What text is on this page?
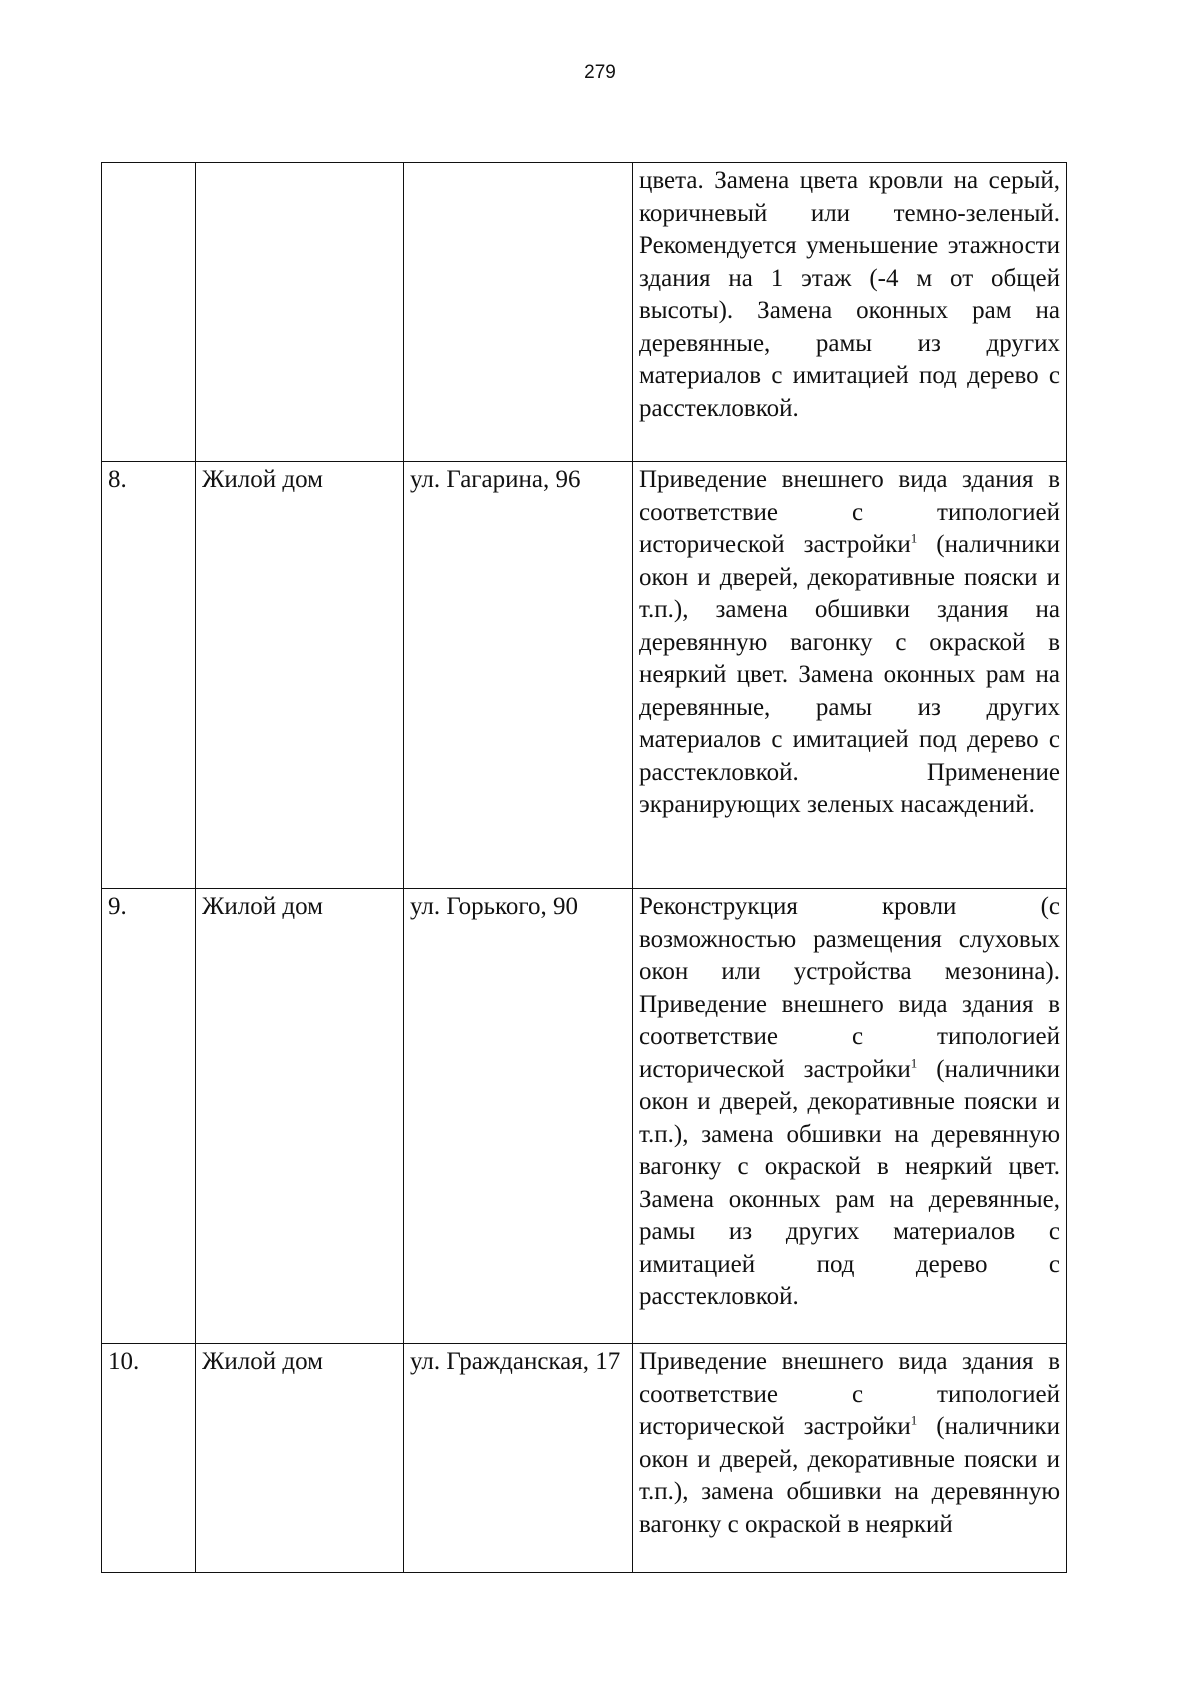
279

			цвета. Замена цвета кровли на серый, коричневый или темно-зеленый. Рекомендуется уменьшение этажности здания на 1 этаж (-4 м от общей высоты). Замена оконных рам на деревянные, рамы из других материалов с имитацией под дерево с расстекловкой.

8.	Жилой дом	ул. Гагарина, 96	Приведение внешнего вида здания в соответствие с типологией исторической застройки$^1$ (наличники окон и дверей, декоративные пояски и т.п.), замена обшивки здания на деревянную вагонку с окраской в неяркий цвет. Замена оконных рам на деревянные, рамы из других материалов с имитацией под дерево с расстекловкой. Применение экранирующих зеленых насаждений.

9.	Жилой дом	ул. Горького, 90	Реконструкция кровли (с возможностью размещения слуховых окон или устройства мезонина). Приведение внешнего вида здания в соответствие с типологией исторической застройки$^1$ (наличники окон и дверей, декоративные пояски и т.п.), замена обшивки на деревянную вагонку с окраской в неяркий цвет. Замена оконных рам на деревянные, рамы из других материалов с имитацией под дерево с расстекловкой.

10.	Жилой дом	ул. Гражданская, 17	Приведение внешнего вида здания в соответствие с типологией исторической застройки$^1$ (наличники окон и дверей, декоративные пояски и т.п.), замена обшивки на деревянную вагонку с окраской в неяркий
